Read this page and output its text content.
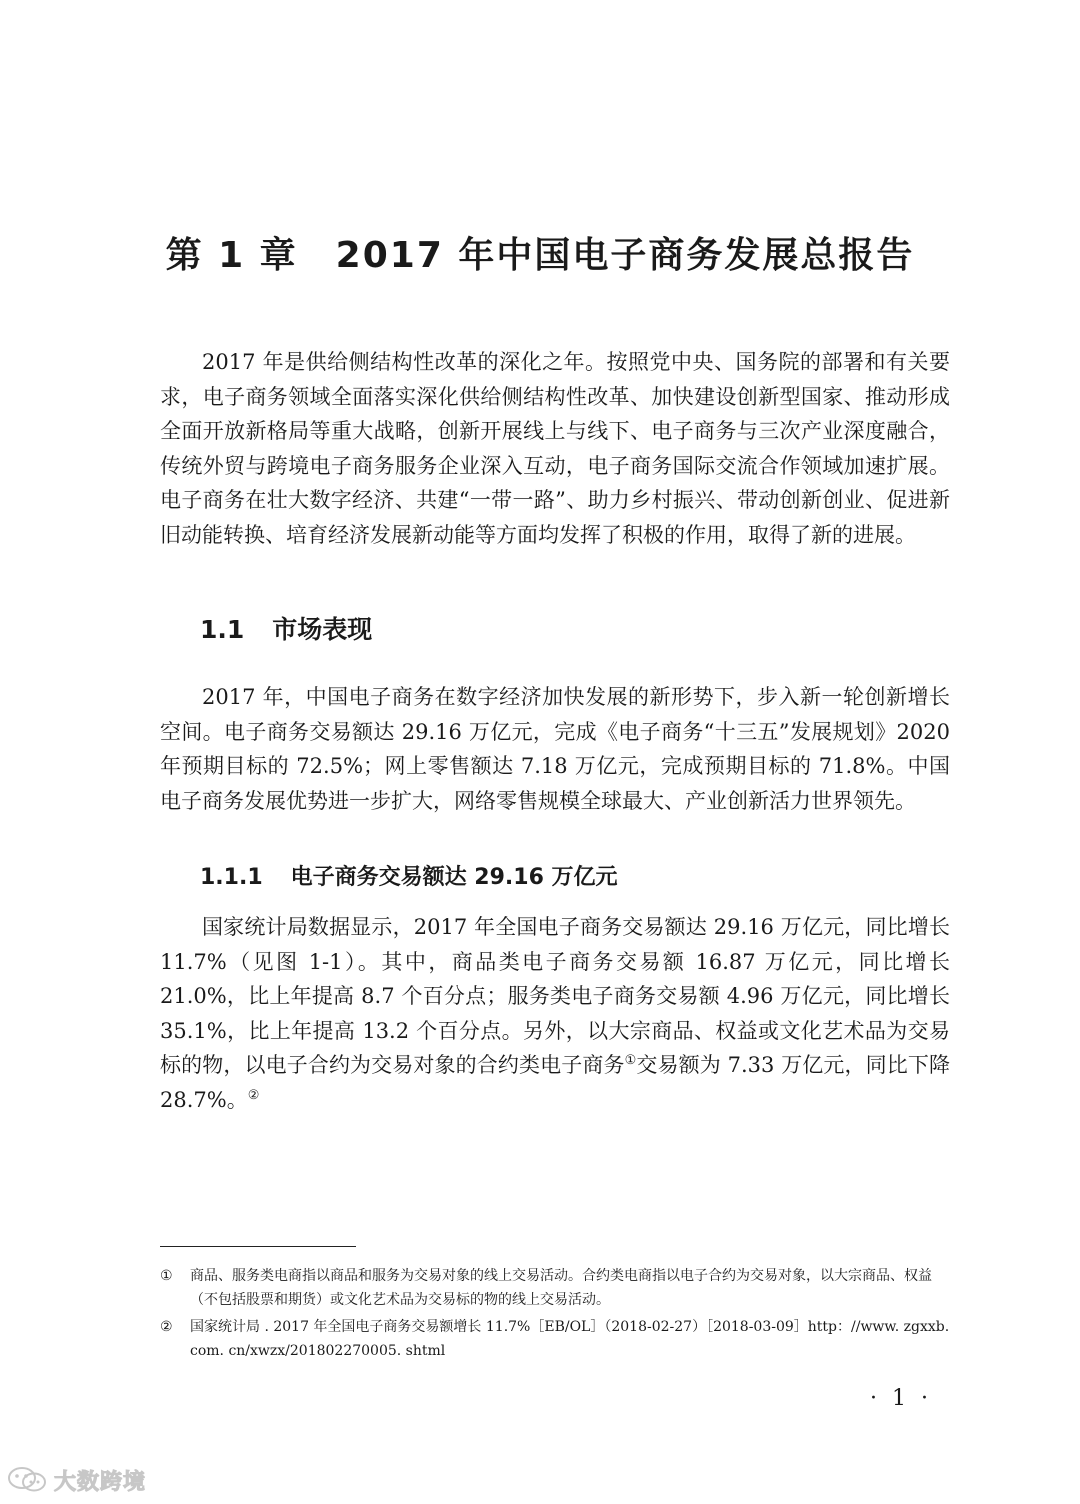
第 1 章　2017 年中国电子商务发展总报告

2017 年是供给侧结构性改革的深化之年。按照党中央、国务院的部署和有关要求，电子商务领域全面落实深化供给侧结构性改革、加快建设创新型国家、推动形成全面开放新格局等重大战略，创新开展线上与线下、电子商务与三次产业深度融合，传统外贸与跨境电子商务服务企业深入互动，电子商务国际交流合作领域加速扩展。电子商务在壮大数字经济、共建“一带一路”、助力乡村振兴、带动创新创业、促进新旧动能转换、培育经济发展新动能等方面均发挥了积极的作用，取得了新的进展。

1.1 市场表现

2017 年，中国电子商务在数字经济加快发展的新形势下，步入新一轮创新增长空间。电子商务交易额达 29.16 万亿元，完成《电子商务“十三五”发展规划》2020 年预期目标的 72.5%；网上零售额达 7.18 万亿元，完成预期目标的 71.8%。中国电子商务发展优势进一步扩大，网络零售规模全球最大、产业创新活力世界领先。

1.1.1 电子商务交易额达 29.16 万亿元

国家统计局数据显示，2017 年全国电子商务交易额达 29.16 万亿元，同比增长 11.7%（见图 1-1）。其中，商品类电子商务交易额 16.87 万亿元，同比增长 21.0%，比上年提高 8.7 个百分点；服务类电子商务交易额 4.96 万亿元，同比增长 35.1%，比上年提高 13.2 个百分点。另外，以大宗商品、权益或文化艺术品为交易标的物，以电子合约为交易对象的合约类电子商务①交易额为 7.33 万亿元，同比下降 28.7%。②

① 商品、服务类电商指以商品和服务为交易对象的线上交易活动。合约类电商指以电子合约为交易对象，以大宗商品、权益（不包括股票和期货）或文化艺术品为交易标的物的线上交易活动。
② 国家统计局 . 2017 年全国电子商务交易额增长 11.7%［EB/OL］（2018-02-27）［2018-03-09］http：//www. zgxxb. com. cn/xwzx/201802270005. shtml
· 1 ·
大数跨境
